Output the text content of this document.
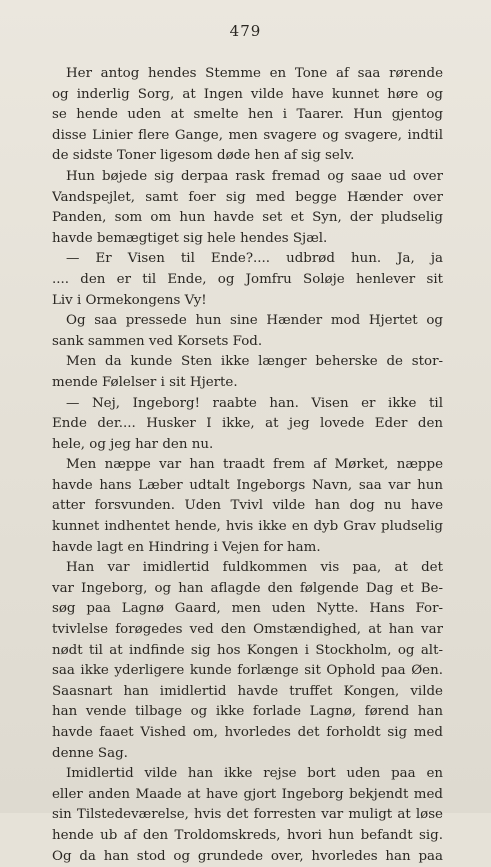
479
Her antog hendes Stemme en Tone af saa rørende
og inderlig Sorg, at Ingen vilde have kunnet høre og
se hende uden at smelte hen i Taarer. Hun gjentog
disse Linier flere Gange, men svagere og svagere, indtil
de sidste Toner ligesom døde hen af sig selv.
Hun bøjede sig derpaa rask fremad og saae ud over
Vandspejlet, samt foer sig med begge Hænder over
Panden, som om hun havde set et Syn, der pludselig
havde bemægtiget sig hele hendes Sjæl.
— Er Visen til Ende?.... udbrød hun. Ja, ja
.... den er til Ende, og Jomfru Soløje henlever sit
Liv i Ormekongens Vy!
Og saa pressede hun sine Hænder mod Hjertet og
sank sammen ved Korsets Fod.
Men da kunde Sten ikke længer beherske de stor-
mende Følelser i sit Hjerte.
— Nej, Ingeborg! raabte han. Visen er ikke til
Ende der.... Husker I ikke, at jeg lovede Eder den
hele, og jeg har den nu.
Men næppe var han traadt frem af Mørket, næppe
havde hans Læber udtalt Ingeborgs Navn, saa var hun
atter forsvunden. Uden Tvivl vilde han dog nu have
kunnet indhentet hende, hvis ikke en dyb Grav pludselig
havde lagt en Hindring i Vejen for ham.
Han var imidlertid fuldkommen vis paa, at det
var Ingeborg, og han aflagde den følgende Dag et Be-
søg paa Lagnø Gaard, men uden Nytte. Hans For-
tvivlelse forøgedes ved den Omstændighed, at han var
nødt til at indfinde sig hos Kongen i Stockholm, og alt-
saa ikke yderligere kunde forlænge sit Ophold paa Øen.
Saasnart han imidlertid havde truffet Kongen, vilde
han vende tilbage og ikke forlade Lagnø, førend han
havde faaet Vished om, hvorledes det forholdt sig med
denne Sag.
Imidlertid vilde han ikke rejse bort uden paa en
eller anden Maade at have gjort Ingeborg bekjendt med
sin Tilstedeværelse, hvis det forresten var muligt at løse
hende ub af den Troldomskreds, hvori hun befandt sig.
Og da han stod og grundede over, hvorledes han paa
